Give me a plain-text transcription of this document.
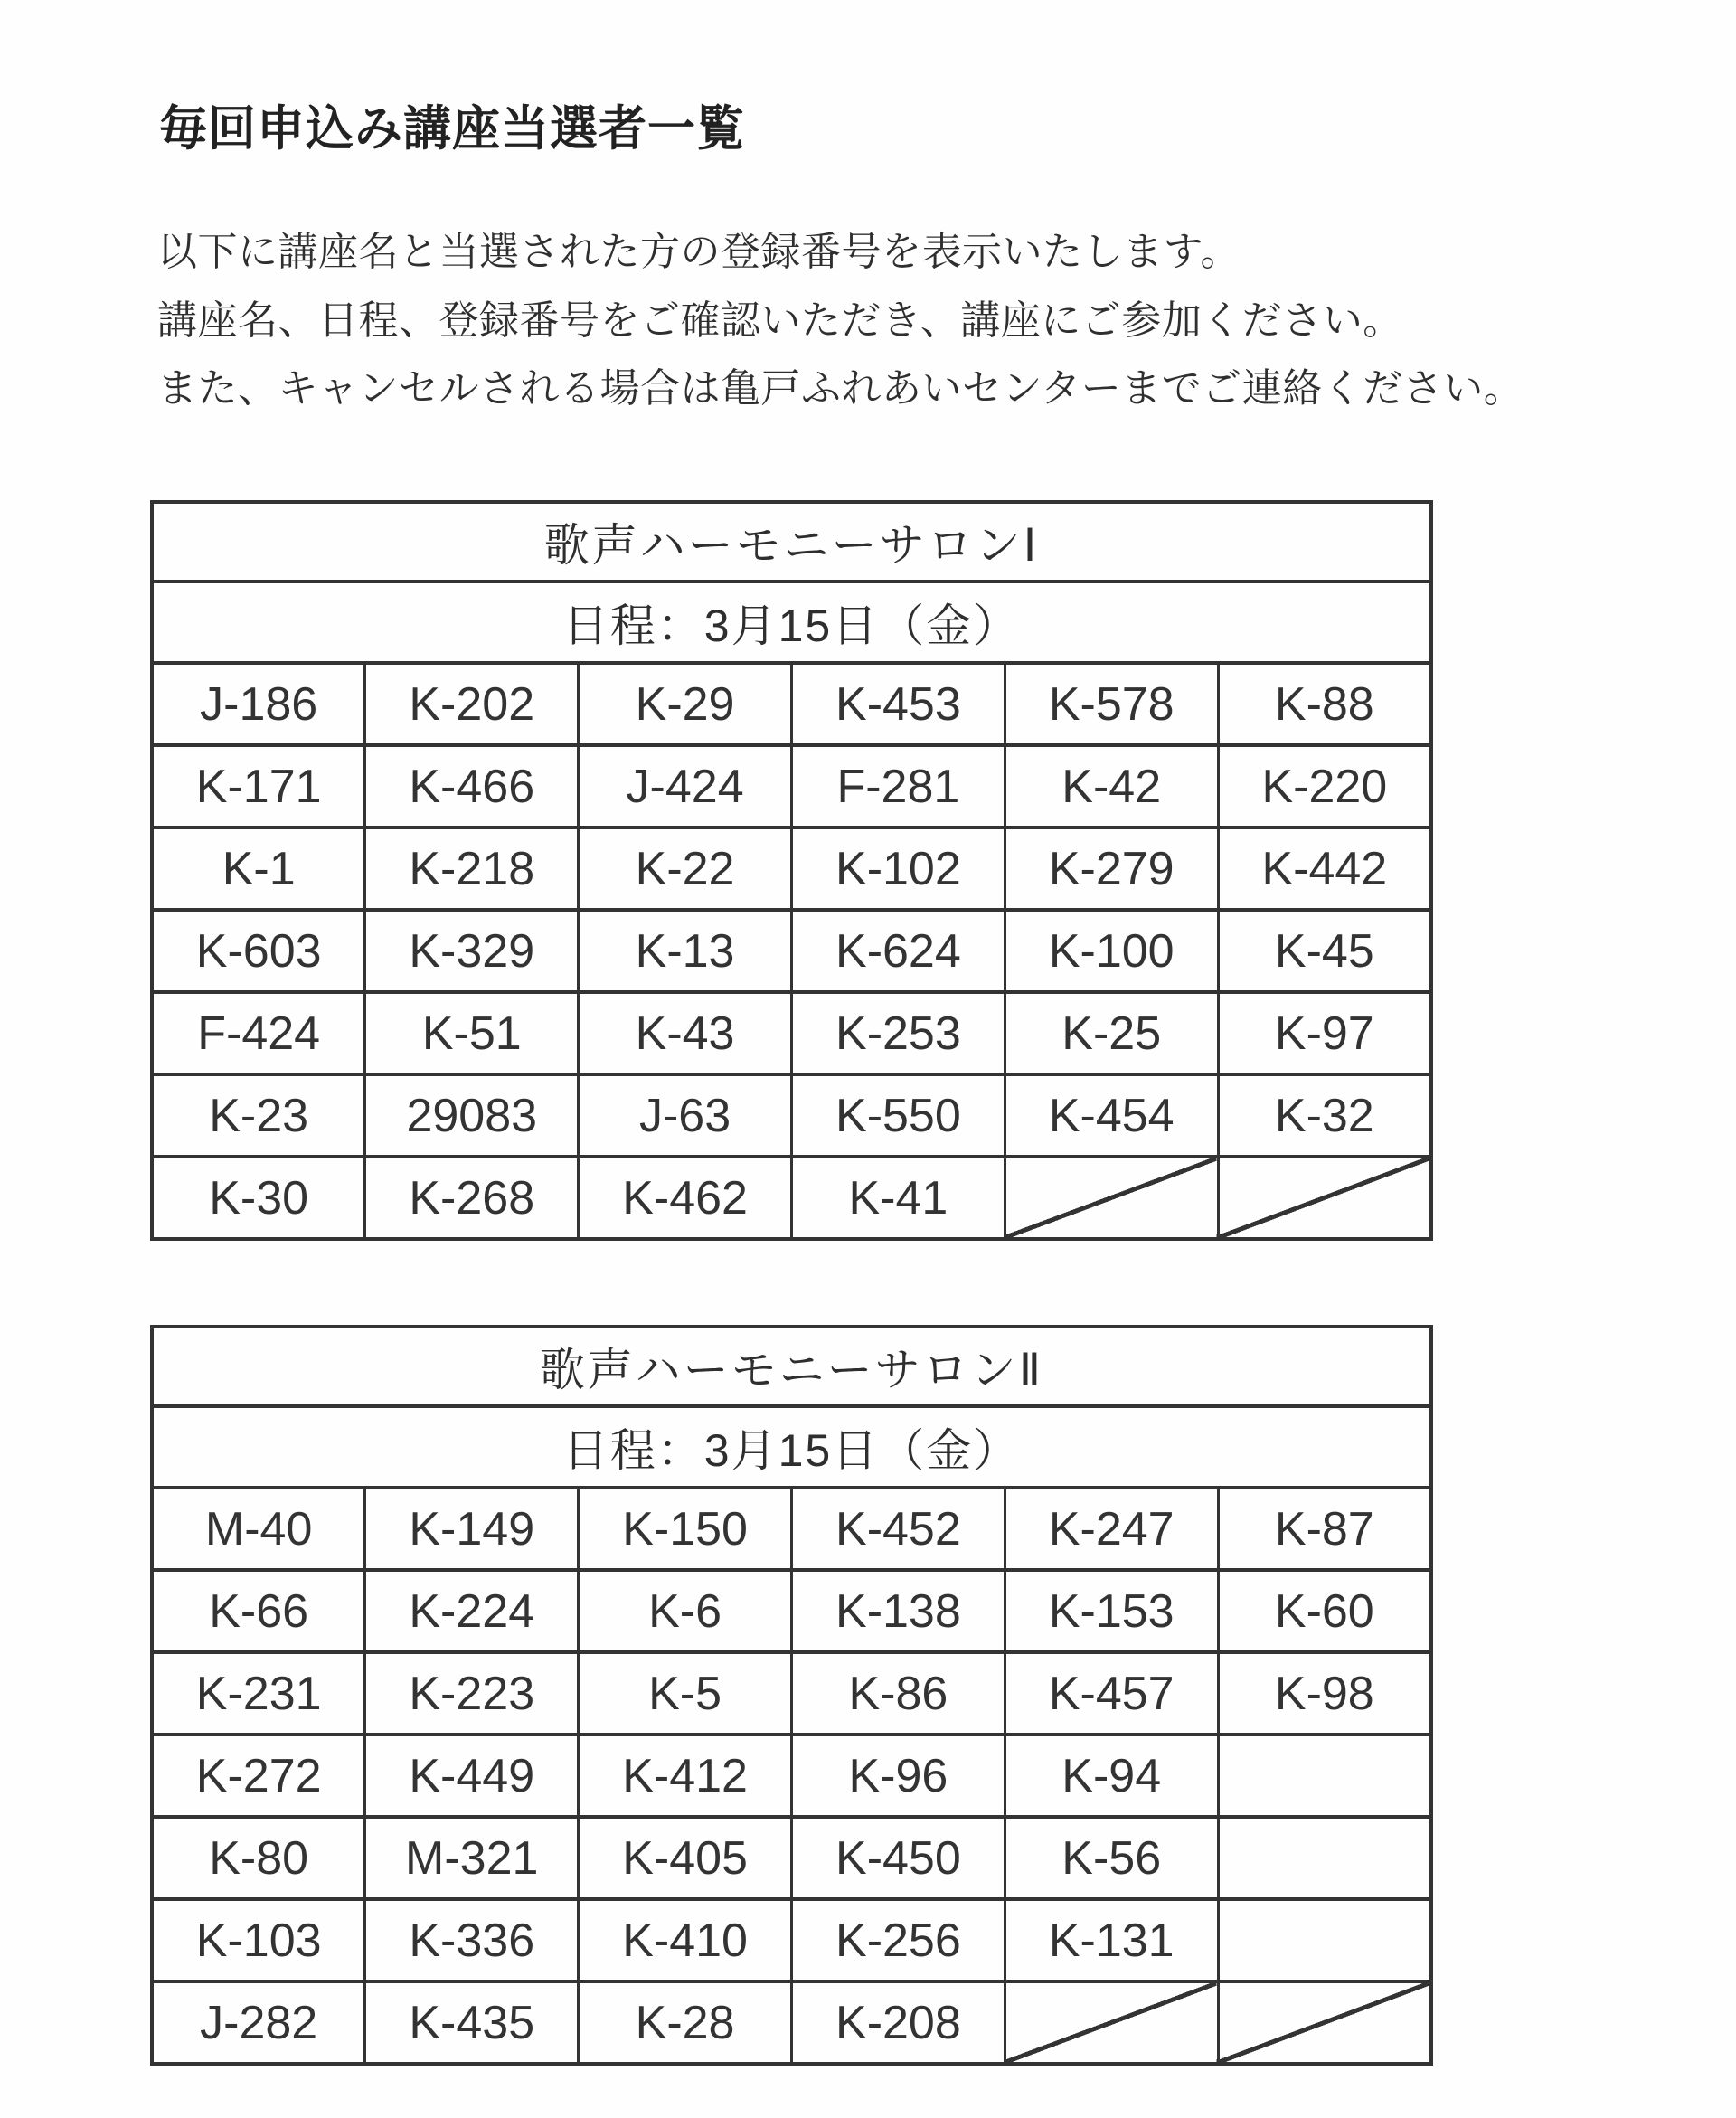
毎回申込み講座当選者一覧

以下に講座名と当選された方の登録番号を表示いたします。

講座名、日程、登録番号をご確認いただき、講座にご参加ください。

また、キャンセルされる場合は亀戸ふれあいセンターまでご連絡ください。

歌声ハーモニーサロンⅠ					
日程：3月15日（金）					
J-186	K-202	K-29	K-453	K-578	K-88
K-171	K-466	J-424	F-281	K-42	K-220
K-1	K-218	K-22	K-102	K-279	K-442
K-603	K-329	K-13	K-624	K-100	K-45
F-424	K-51	K-43	K-253	K-25	K-97
K-23	29083	J-63	K-550	K-454	K-32
K-30	K-268	K-462	K-41		
歌声ハーモニーサロンⅡ					
日程：3月15日（金）					
M-40	K-149	K-150	K-452	K-247	K-87
K-66	K-224	K-6	K-138	K-153	K-60
K-231	K-223	K-5	K-86	K-457	K-98
K-272	K-449	K-412	K-96	K-94	
K-80	M-321	K-405	K-450	K-56	
K-103	K-336	K-410	K-256	K-131	
J-282	K-435	K-28	K-208		
